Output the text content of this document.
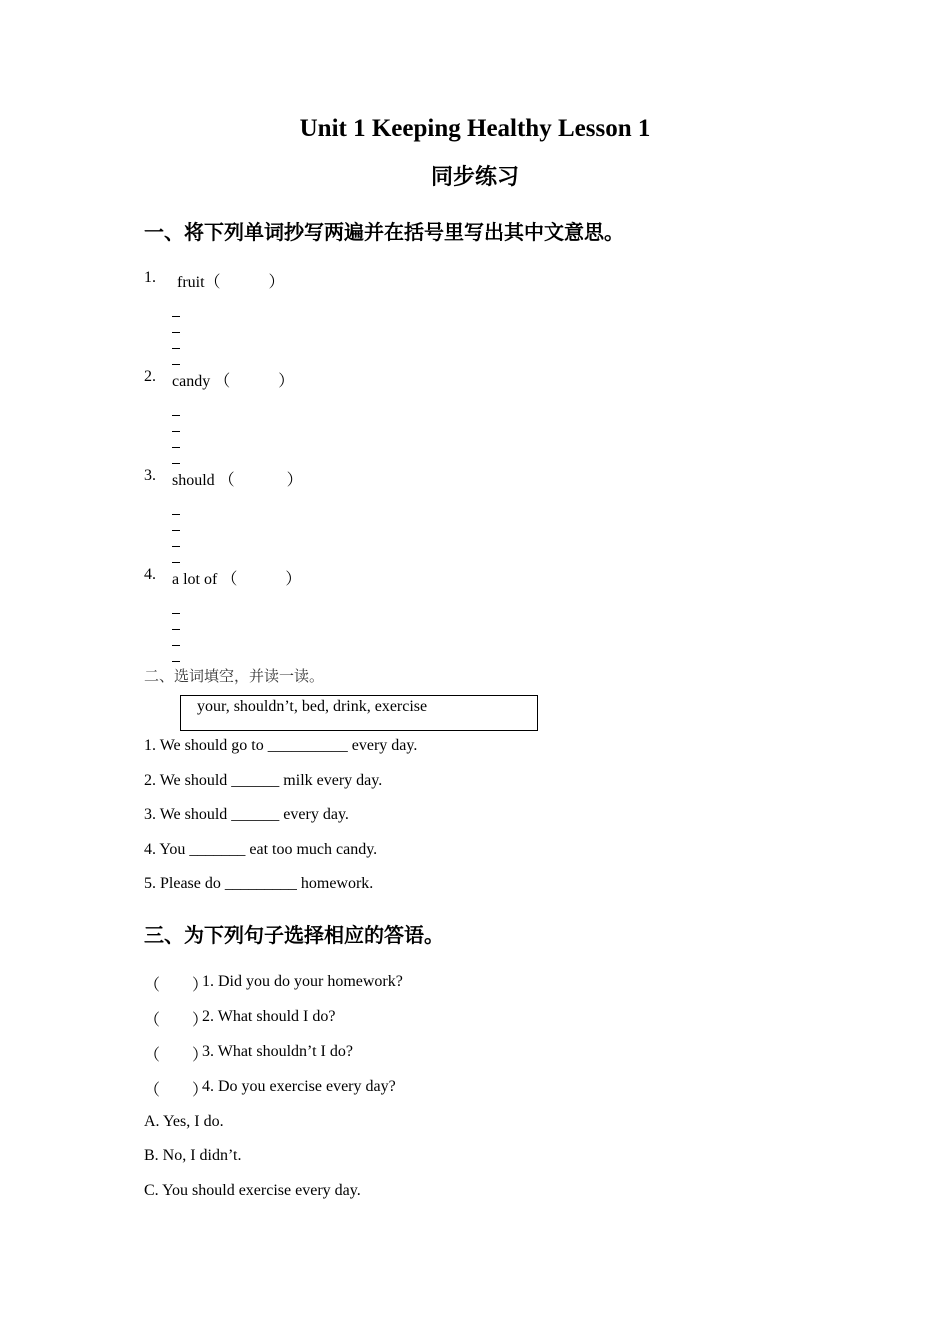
Unit 1 Keeping Healthy Lesson 1
同步练习
一、将下列单词抄写两遍并在括号里写出其中文意思。
1. fruit（　　　）
2. candy （　　　）
3. should （　　　 ）
4. a lot of （　　　）
二、选词填空，并读一读。
your, shouldn’t, bed, drink, exercise
1. We should go to __________ every day.
2. We should ______ milk every day.
3. We should ______ every day.
4. You _______ eat too much candy.
5. Please do _________ homework.
三、为下列句子选择相应的答语。
（　　）
1. Did you do your homework?
（　　）
2. What should I do?
（　　）
3. What shouldn’t I do?
（　　）
4. Do you exercise every day?
A. Yes, I do.
B. No, I didn’t.
C. You should exercise every day.
